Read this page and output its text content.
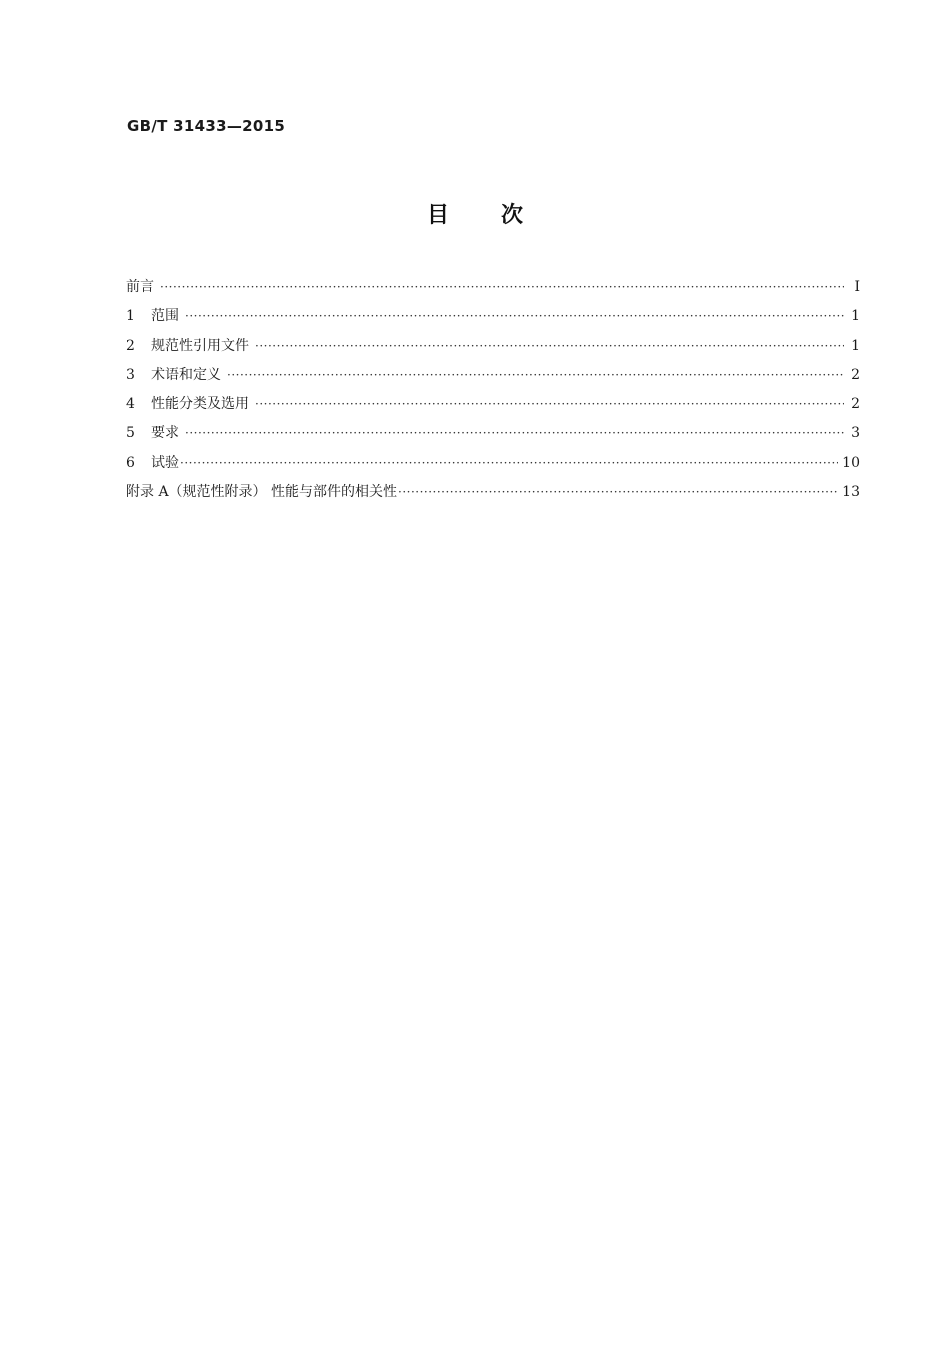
GB/T 31433—2015
目 次
前言 ·····	I
1	范围 ·····	1
2	规范性引用文件 ·····	1
3	术语和定义 ·····	2
4	性能分类及选用 ·····	2
5	要求 ·····	3
6	试验 ·····	10
附录 A（规范性附录） 性能与部件的相关性 ·····	13
